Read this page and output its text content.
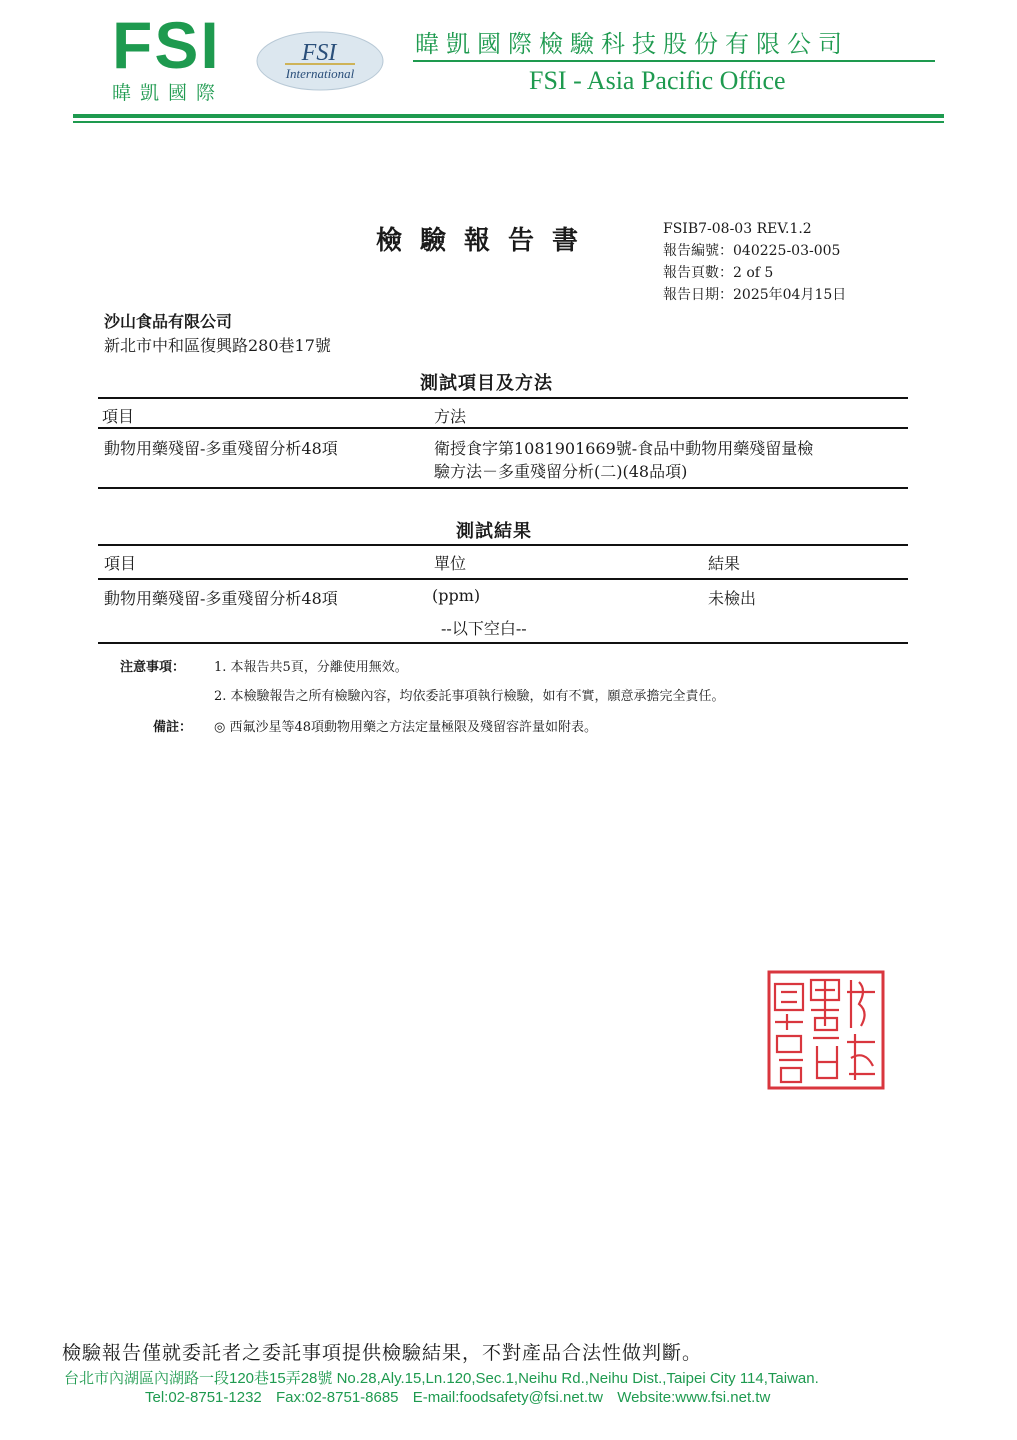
FSI
暐凱國際
FSI
International
暐凱國際檢驗科技股份有限公司
FSI - Asia Pacific Office
檢驗報告書	FSIB7-08-03 REV.1.2
報告編號：040225-03-005
報告頁數：2 of 5
報告日期：2025年04月15日
沙山食品有限公司
新北市中和區復興路280巷17號
測試項目及方法
項目	方法
動物用藥殘留-多重殘留分析48項	衛授食字第1081901669號-食品中動物用藥殘留量檢
驗方法－多重殘留分析(二)(48品項)
測試結果
項目	單位	結果
動物用藥殘留-多重殘留分析48項	(ppm)	未檢出
--以下空白--
注意事項： 1. 本報告共5頁，分離使用無效。
2. 本檢驗報告之所有檢驗內容，均依委託事項執行檢驗，如有不實，願意承擔完全責任。
備註： ◎ 西氟沙星等48項動物用藥之方法定量極限及殘留容許量如附表。
檢驗報告僅就委託者之委託事項提供檢驗結果，不對產品合法性做判斷。
台北市內湖區內湖路一段120巷15弄28號 No.28,Aly.15,Ln.120,Sec.1,Neihu Rd.,Neihu Dist.,Taipei City 114,Taiwan.
Tel:02-8751-1232 Fax:02-8751-8685 E-mail:foodsafety@fsi.net.tw Website:www.fsi.net.tw
